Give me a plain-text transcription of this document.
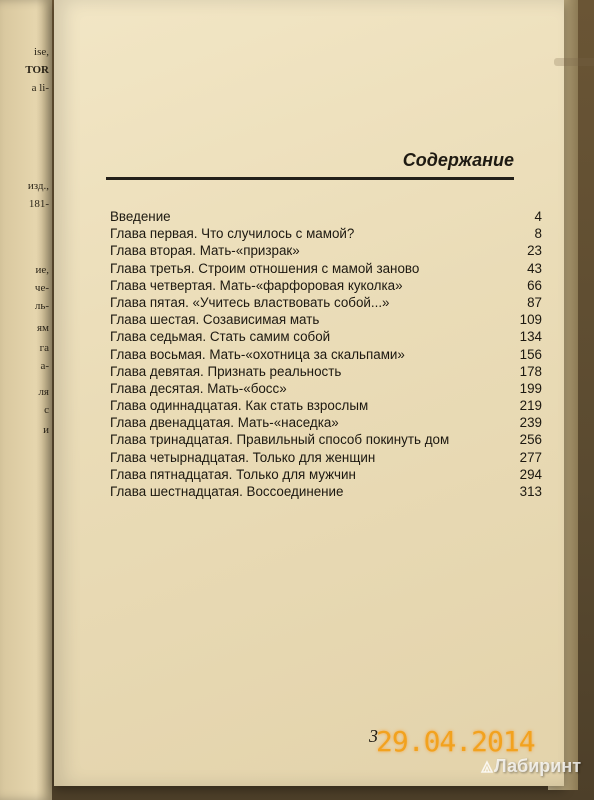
ise,
TOR
a li-
изд.,
181-
ие,
че-
ль-
ям
га
а-
ля
с
и
Содержание
Введение	4
Глава первая. Что случилось с мамой?	8
Глава вторая. Мать-«призрак»	23
Глава третья. Строим отношения с мамой заново	43
Глава четвертая. Мать-«фарфоровая куколка»	66
Глава пятая. «Учитесь властвовать собой...»	87
Глава шестая. Созависимая мать	109
Глава седьмая. Стать самим собой	134
Глава восьмая. Мать-«охотница за скальпами»	156
Глава девятая. Признать реальность	178
Глава десятая. Мать-«босс»	199
Глава одиннадцатая. Как стать взрослым	219
Глава двенадцатая. Мать-«наседка»	239
Глава тринадцатая. Правильный способ покинуть дом	256
Глава четырнадцатая. Только для женщин	277
Глава пятнадцатая. Только для мужчин	294
Глава шестнадцатая. Воссоединение	313
3
29.04.2014
Лабиринт
